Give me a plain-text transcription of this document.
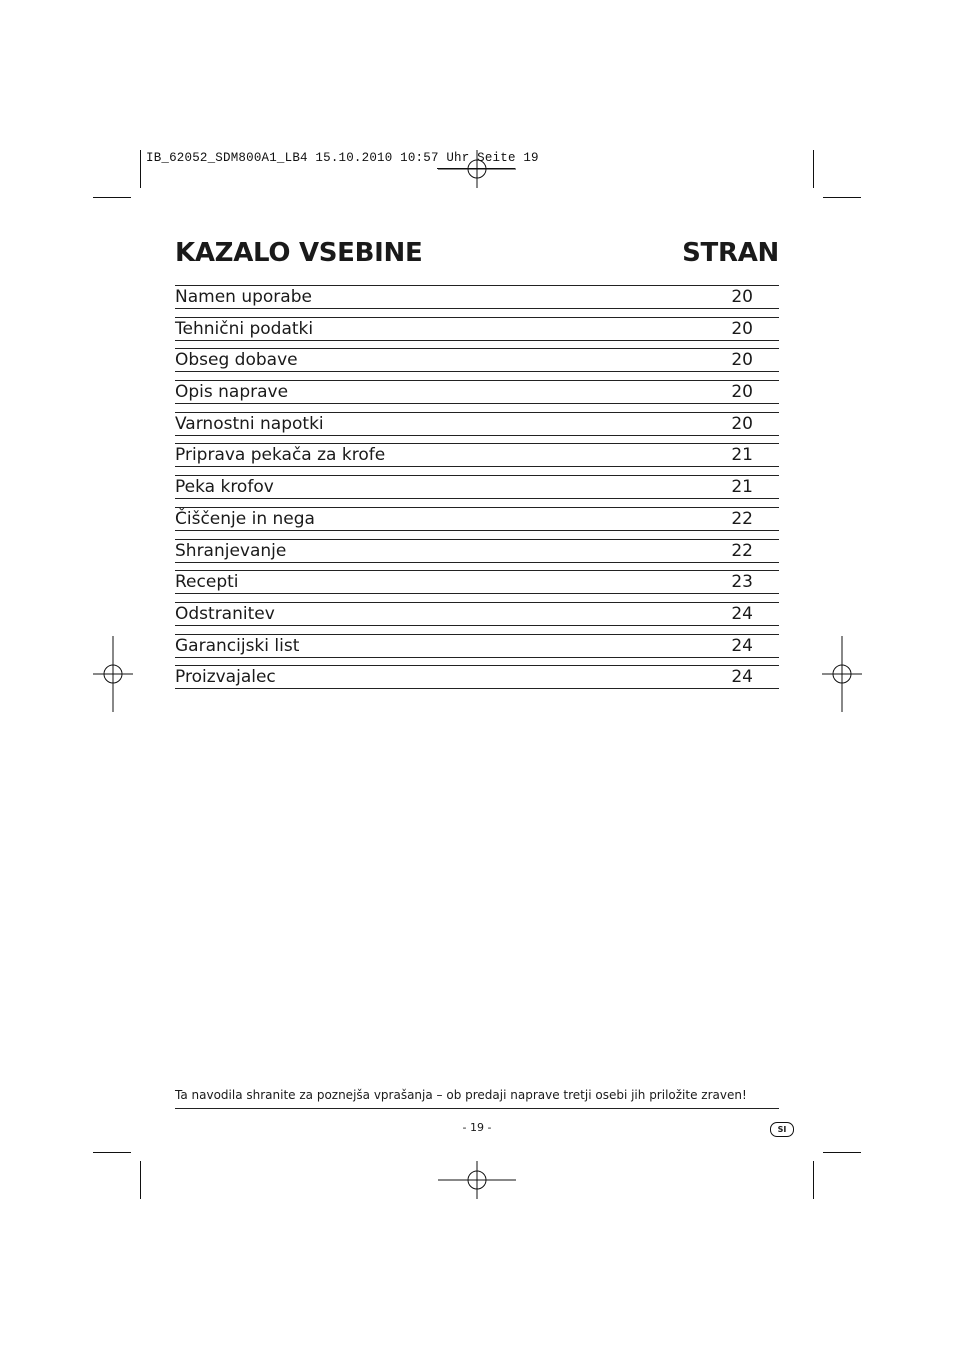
IB_62052_SDM800A1_LB4 15.10.2010 10:57 Uhr Seite 19
KAZALO VSEBINE	STRAN
Namen uporabe	20
Tehnični podatki	20
Obseg dobave	20
Opis naprave	20
Varnostni napotki	20
Priprava pekača za krofe	21
Peka krofov	21
Čiščenje in nega	22
Shranjevanje	22
Recepti	23
Odstranitev	24
Garancijski list	24
Proizvajalec	24
Ta navodila shranite za poznejša vprašanja – ob predaji naprave tretji osebi jih priložite zraven!
- 19 -	SI
